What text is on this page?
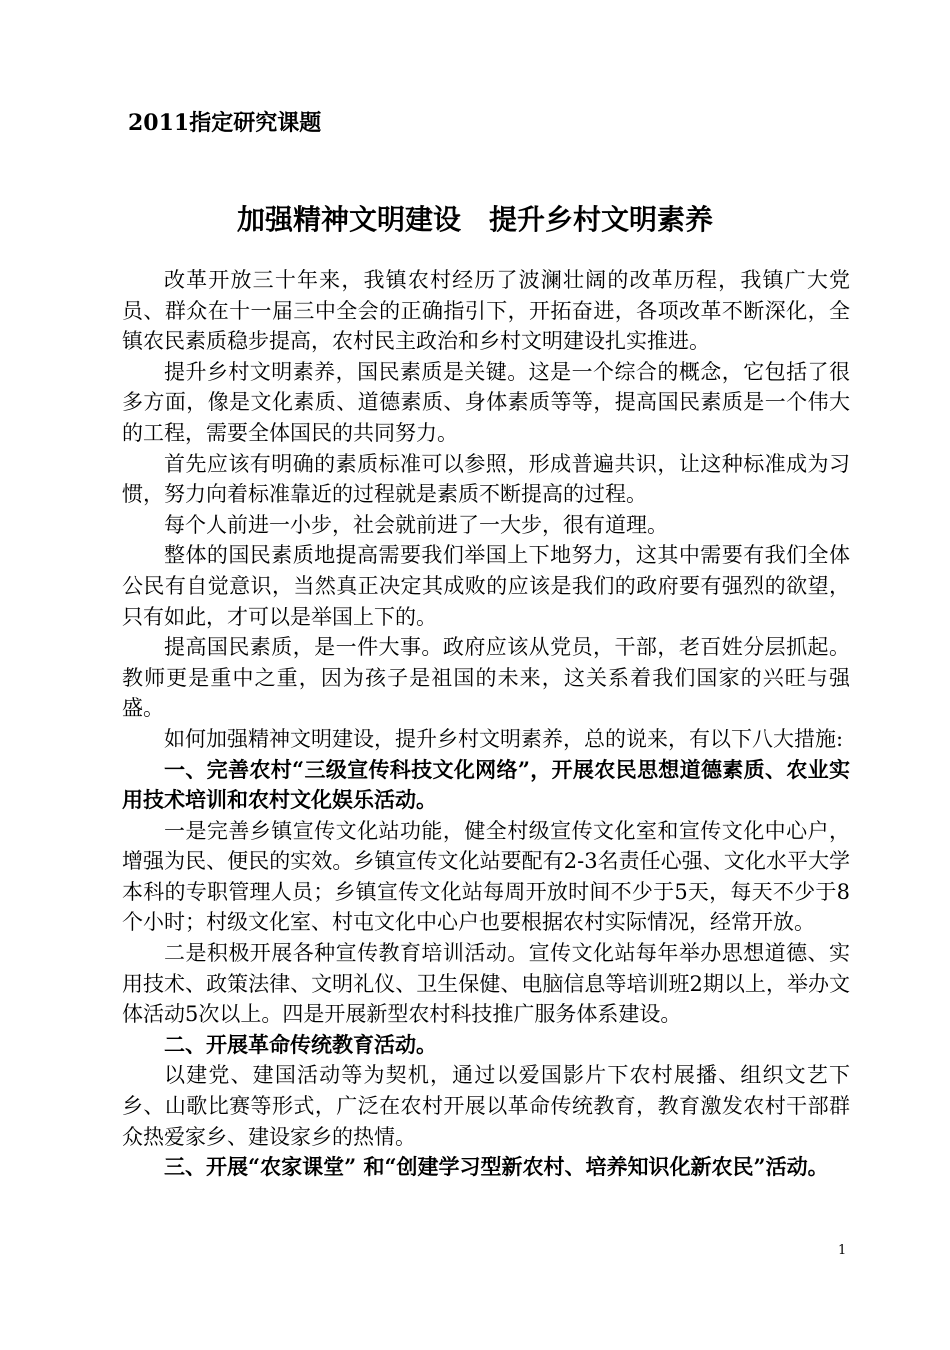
2011指定研究课题
加强精神文明建设　提升乡村文明素养

改革开放三十年来，我镇农村经历了波澜壮阔的改革历程，我镇广大党员、群众在十一届三中全会的正确指引下，开拓奋进，各项改革不断深化，全镇农民素质稳步提高，农村民主政治和乡村文明建设扎实推进。

提升乡村文明素养，国民素质是关键。这是一个综合的概念，它包括了很多方面，像是文化素质、道德素质、身体素质等等，提高国民素质是一个伟大的工程，需要全体国民的共同努力。

首先应该有明确的素质标准可以参照，形成普遍共识，让这种标准成为习惯，努力向着标准靠近的过程就是素质不断提高的过程。

每个人前进一小步，社会就前进了一大步，很有道理。

整体的国民素质地提高需要我们举国上下地努力，这其中需要有我们全体公民有自觉意识，当然真正决定其成败的应该是我们的政府要有强烈的欲望，只有如此，才可以是举国上下的。

提高国民素质，是一件大事。政府应该从党员，干部，老百姓分层抓起。教师更是重中之重，因为孩子是祖国的未来，这关系着我们国家的兴旺与强盛。

如何加强精神文明建设，提升乡村文明素养，总的说来，有以下八大措施:

一、完善农村“三级宣传科技文化网络”，开展农民思想道德素质、农业实用技术培训和农村文化娱乐活动。

一是完善乡镇宣传文化站功能，健全村级宣传文化室和宣传文化中心户，增强为民、便民的实效。乡镇宣传文化站要配有2-3名责任心强、文化水平大学本科的专职管理人员；乡镇宣传文化站每周开放时间不少于5天，每天不少于8个小时；村级文化室、村屯文化中心户也要根据农村实际情况，经常开放。

二是积极开展各种宣传教育培训活动。宣传文化站每年举办思想道德、实用技术、政策法律、文明礼仪、卫生保健、电脑信息等培训班2期以上，举办文体活动5次以上。四是开展新型农村科技推广服务体系建设。

二、开展革命传统教育活动。

以建党、建国活动等为契机，通过以爱国影片下农村展播、组织文艺下乡、山歌比赛等形式，广泛在农村开展以革命传统教育，教育激发农村干部群众热爱家乡、建设家乡的热情。

三、开展“农家课堂” 和“创建学习型新农村、培养知识化新农民”活动。

1
